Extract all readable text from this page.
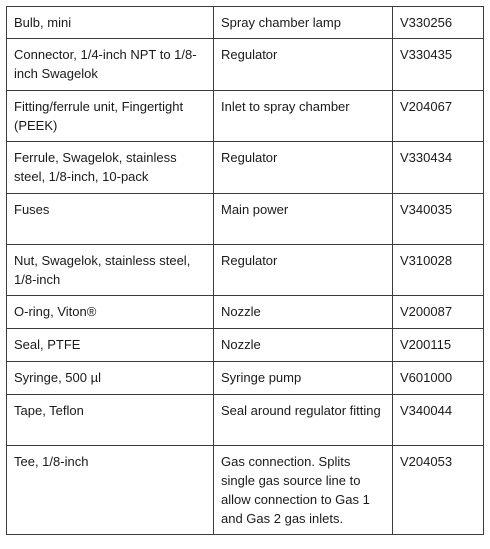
Bulb, mini	Spray chamber lamp	V330256
Connector, 1/4-inch NPT to 1/8-inch Swagelok	Regulator	V330435
Fitting/ferrule unit, Fingertight (PEEK)	Inlet to spray chamber	V204067
Ferrule, Swagelok, stainless steel, 1/8-inch, 10-pack	Regulator	V330434
Fuses	Main power	V340035
Nut, Swagelok, stainless steel, 1/8-inch	Regulator	V310028
O-ring, Viton®	Nozzle	V200087
Seal, PTFE	Nozzle	V200115
Syringe, 500 µl	Syringe pump	V601000
Tape, Teflon	Seal around regulator fitting	V340044
Tee, 1/8-inch	Gas connection. Splits single gas source line to allow connection to Gas 1 and Gas 2 gas inlets.	V204053
